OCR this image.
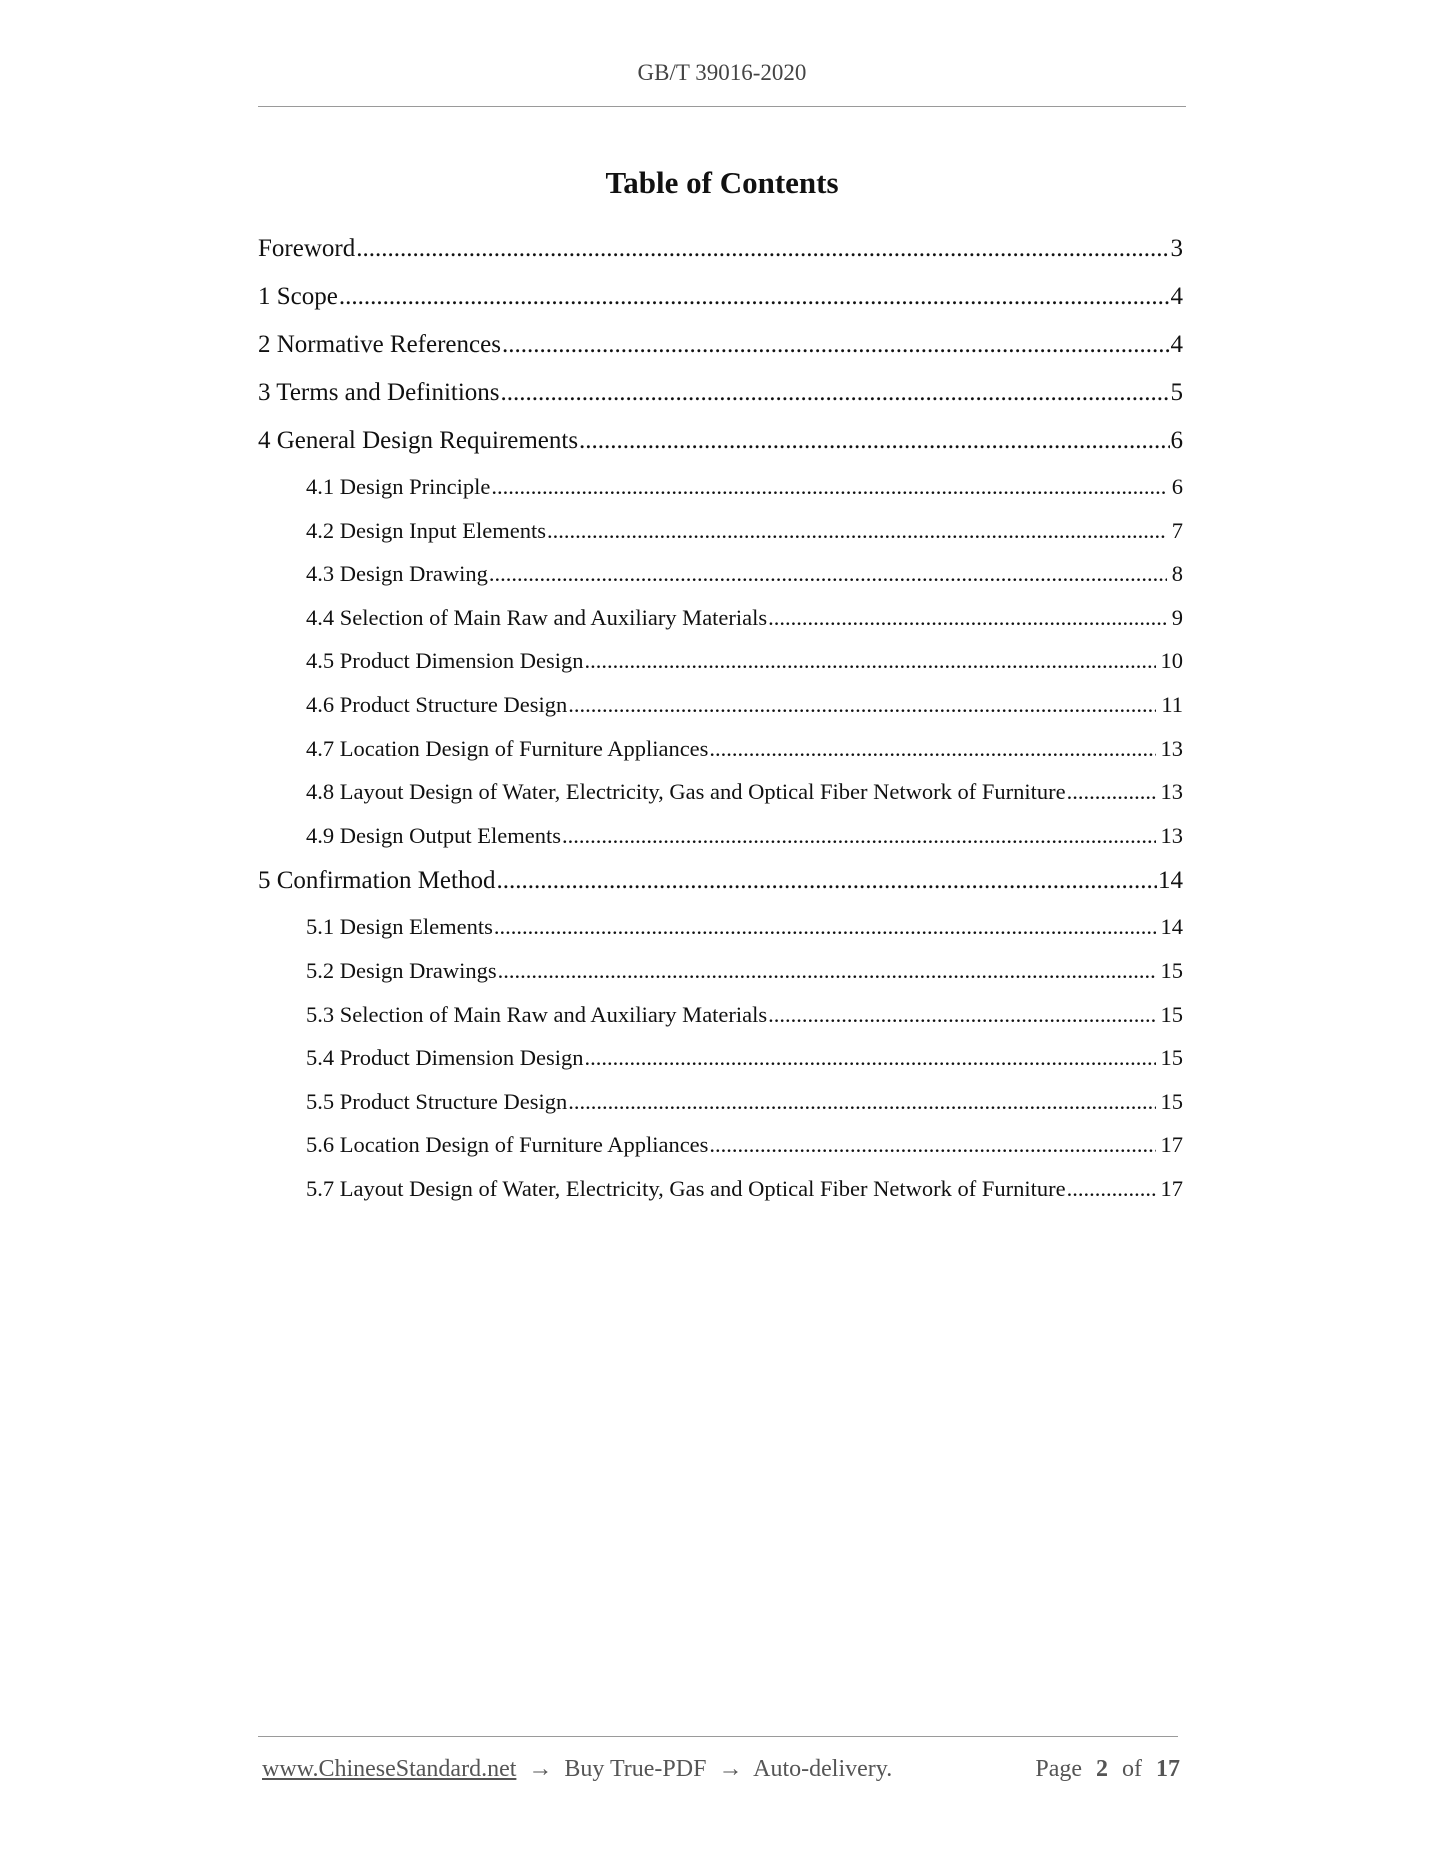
GB/T 39016-2020
Table of Contents
Foreword .....	3
1 Scope .....	4
2 Normative References .....	4
3 Terms and Definitions .....	5
4 General Design Requirements .....	6
4.1 Design Principle .....	6
4.2 Design Input Elements .....	7
4.3 Design Drawing .....	8
4.4 Selection of Main Raw and Auxiliary Materials .....	9
4.5 Product Dimension Design .....	10
4.6 Product Structure Design .....	11
4.7 Location Design of Furniture Appliances .....	13
4.8 Layout Design of Water, Electricity, Gas and Optical Fiber Network of Furniture .....	13
4.9 Design Output Elements .....	13
5 Confirmation Method .....	14
5.1 Design Elements .....	14
5.2 Design Drawings .....	15
5.3 Selection of Main Raw and Auxiliary Materials .....	15
5.4 Product Dimension Design .....	15
5.5 Product Structure Design .....	15
5.6 Location Design of Furniture Appliances .....	17
5.7 Layout Design of Water, Electricity, Gas and Optical Fiber Network of Furniture .....	17
www.ChineseStandard.net → Buy True-PDF → Auto-delivery.	Page 2 of 17
